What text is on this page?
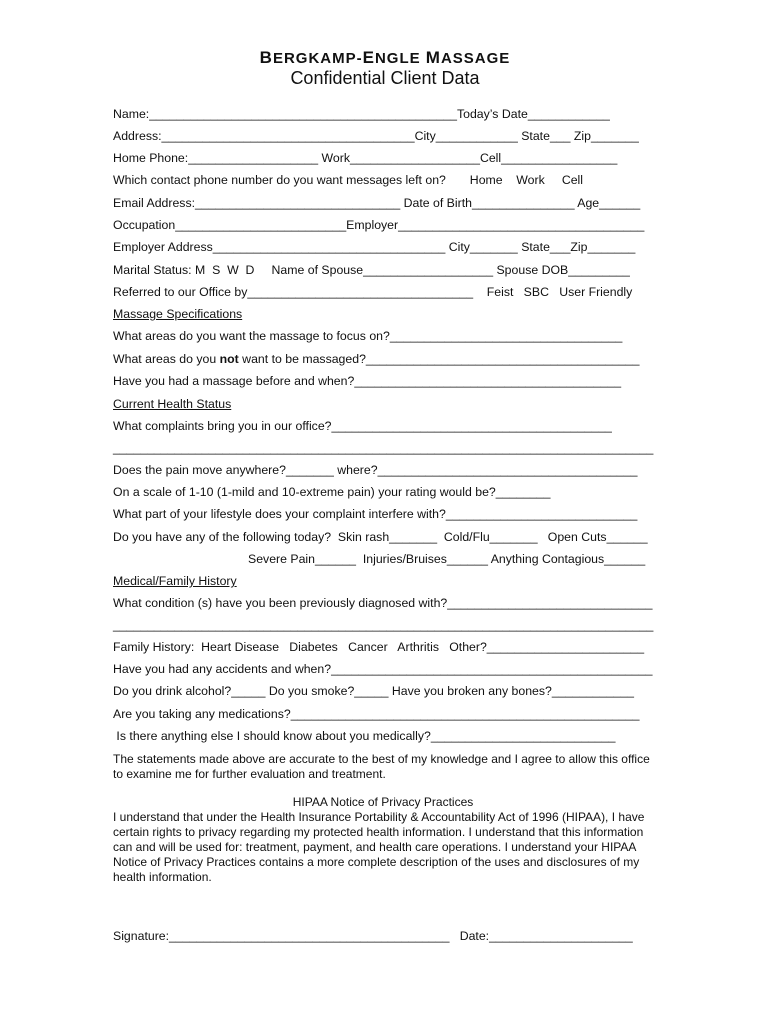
BERGKAMP-ENGLE MASSAGE
Confidential Client Data
Name:_____________________________________________Today’s Date____________
Address:_____________________________________City____________ State___ Zip_______
Home Phone:___________________ Work___________________Cell_________________
Which contact phone number do you want messages left on?       Home    Work     Cell
Email Address:______________________________ Date of Birth_______________ Age______
Occupation_________________________Employer____________________________________
Employer Address__________________________________ City_______ State___Zip_______
Marital Status: M  S  W  D     Name of Spouse___________________ Spouse DOB_________
Referred to our Office by_________________________________    Feist   SBC   User Friendly
Massage Specifications
What areas do you want the massage to focus on?__________________________________
What areas do you not want to be massaged?________________________________________
Have you had a massage before and when?_______________________________________
Current Health Status
What complaints bring you in our office?_________________________________________
_______________________________________________________________________________
Does the pain move anywhere?_______ where?______________________________________
On a scale of 1-10 (1-mild and 10-extreme pain) your rating would be?________
What part of your lifestyle does your complaint interfere with?____________________________
Do you have any of the following today?  Skin rash_______  Cold/Flu_______   Open Cuts______
Severe Pain______  Injuries/Bruises______ Anything Contagious______
Medical/Family History
What condition (s) have you been previously diagnosed with?______________________________
_______________________________________________________________________________
Family History:  Heart Disease   Diabetes   Cancer   Arthritis   Other?_______________________
Have you had any accidents and when?_______________________________________________
Do you drink alcohol?_____ Do you smoke?_____ Have you broken any bones?____________
Are you taking any medications?___________________________________________________
Is there anything else I should know about you medically?___________________________
The statements made above are accurate to the best of my knowledge and I agree to allow this office to examine me for further evaluation and treatment.
HIPAA Notice of Privacy Practices
I understand that under the Health Insurance Portability & Accountability Act of 1996 (HIPAA), I have certain rights to privacy regarding my protected health information. I understand that this information can and will be used for: treatment, payment, and health care operations. I understand your HIPAA Notice of Privacy Practices contains a more complete description of the uses and disclosures of my health information.
Signature:_________________________________________   Date:_____________________
